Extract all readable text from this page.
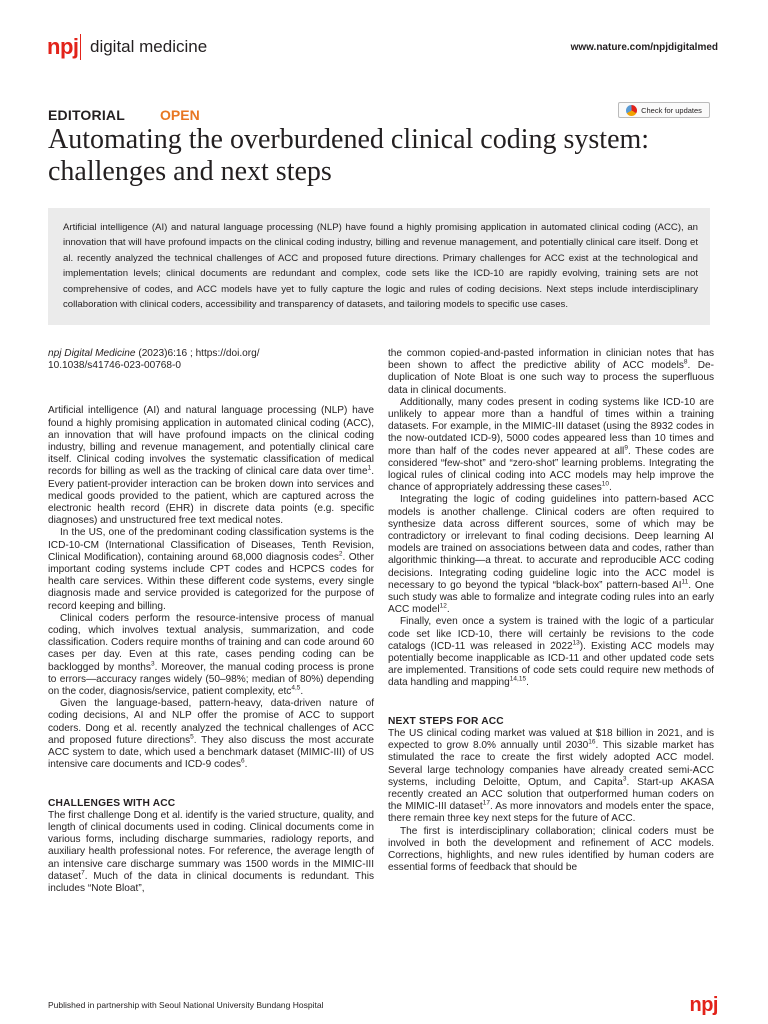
npj digital medicine	www.nature.com/npjdigitalmed
EDITORIAL	OPEN	Check for updates
Automating the overburdened clinical coding system:
challenges and next steps
Artificial intelligence (AI) and natural language processing (NLP) have found a highly promising application in automated clinical coding (ACC), an innovation that will have profound impacts on the clinical coding industry, billing and revenue management, and potentially clinical care itself. Dong et al. recently analyzed the technical challenges of ACC and proposed future directions. Primary challenges for ACC exist at the technological and implementation levels; clinical documents are redundant and complex, code sets like the ICD-10 are rapidly evolving, training sets are not comprehensive of codes, and ACC models have yet to fully capture the logic and rules of coding decisions. Next steps include interdisciplinary collaboration with clinical coders, accessibility and transparency of datasets, and tailoring models to specific use cases.
npj Digital Medicine (2023)6:16 ; https://doi.org/
10.1038/s41746-023-00768-0

Artificial intelligence (AI) and natural language processing (NLP) have found a highly promising application in automated clinical coding (ACC), an innovation that will have profound impacts on the clinical coding industry, billing and revenue management, and potentially clinical care itself. Clinical coding involves the systematic classification of medical records for billing as well as the tracking of clinical care data over time$^1$. Every patient-provider interaction can be broken down into services and medical goods provided to the patient, which are captured across the electronic health record (EHR) in discrete data points (e.g. specific diagnoses) and unstructured free text medical notes.

In the US, one of the predominant coding classification systems is the ICD-10-CM (International Classification of Diseases, Tenth Revision, Clinical Modification), containing around 68,000 diagnosis codes$^2$. Other important coding systems include CPT codes and HCPCS codes for health care services. Within these different code systems, every single diagnosis made and service provided is categorized for the purpose of record keeping and billing.

Clinical coders perform the resource-intensive process of manual coding, which involves textual analysis, summarization, and code classification. Coders require months of training and can code around 60 cases per day. Even at this rate, cases pending coding can be backlogged by months$^3$. Moreover, the manual coding process is prone to errors—accuracy ranges widely (50–98%; median of 80%) depending on the coder, diagnosis/service, patient complexity, etc$^{4,5}$.

Given the language-based, pattern-heavy, data-driven nature of coding decisions, AI and NLP offer the promise of ACC to support coders. Dong et al. recently analyzed the technical challenges of ACC and proposed future directions$^5$. They also discuss the most accurate ACC system to date, which used a benchmark dataset (MIMIC-III) of US intensive care documents and ICD-9 codes$^6$.

CHALLENGES WITH ACC

The first challenge Dong et al. identify is the varied structure, quality, and length of clinical documents used in coding. Clinical documents come in various forms, including discharge summaries, radiology reports, and auxiliary health professional notes. For reference, the average length of an intensive care discharge summary was 1500 words in the MIMIC-III dataset$^7$. Much of the data in clinical documents is redundant. This includes “Note Bloat”,

the common copied-and-pasted information in clinician notes that has been shown to affect the predictive ability of ACC models$^8$. De-duplication of Note Bloat is one such way to process the superfluous data in clinical documents.

Additionally, many codes present in coding systems like ICD-10 are unlikely to appear more than a handful of times within a training datasets. For example, in the MIMIC-III dataset (using the 8932 codes in the now-outdated ICD-9), 5000 codes appeared less than 10 times and more than half of the codes never appeared at all$^9$. These codes are considered “few-shot” and “zero-shot” learning problems. Integrating the logical rules of clinical coding into ACC models may help improve the chance of appropriately addressing these cases$^{10}$.

Integrating the logic of coding guidelines into pattern-based ACC models is another challenge. Clinical coders are often required to synthesize data across different sources, some of which may be contradictory or irrelevant to final coding decisions. Deep learning AI models are trained on associations between data and codes, rather than algorithmic thinking—a threat. to accurate and reproducible ACC coding decisions. Integrating coding guideline logic into the ACC model is necessary to go beyond the typical “black-box” pattern-based AI$^{11}$. One such study was able to formalize and integrate coding rules into an early ACC model$^{12}$.

Finally, even once a system is trained with the logic of a particular code set like ICD-10, there will certainly be revisions to the code catalogs (ICD-11 was released in 2022$^{13}$). Existing ACC models may potentially become inapplicable as ICD-11 and other updated code sets are implemented. Transitions of code sets could require new methods of data handling and mapping$^{14,15}$.

NEXT STEPS FOR ACC

The US clinical coding market was valued at $18 billion in 2021, and is expected to grow 8.0% annually until 2030$^{16}$. This sizable market has stimulated the race to create the first widely adopted ACC model. Several large technology companies have already created semi-ACC systems, including Deloitte, Optum, and Capita$^3$. Start-up AKASA recently created an ACC solution that outperformed human coders on the MIMIC-III dataset$^{17}$. As more innovators and models enter the space, there remain three key next steps for the future of ACC.

The first is interdisciplinary collaboration; clinical coders must be involved in both the development and refinement of ACC models. Corrections, highlights, and new rules identified by human coders are essential forms of feedback that should be

Published in partnership with Seoul National University Bundang Hospital	npj
